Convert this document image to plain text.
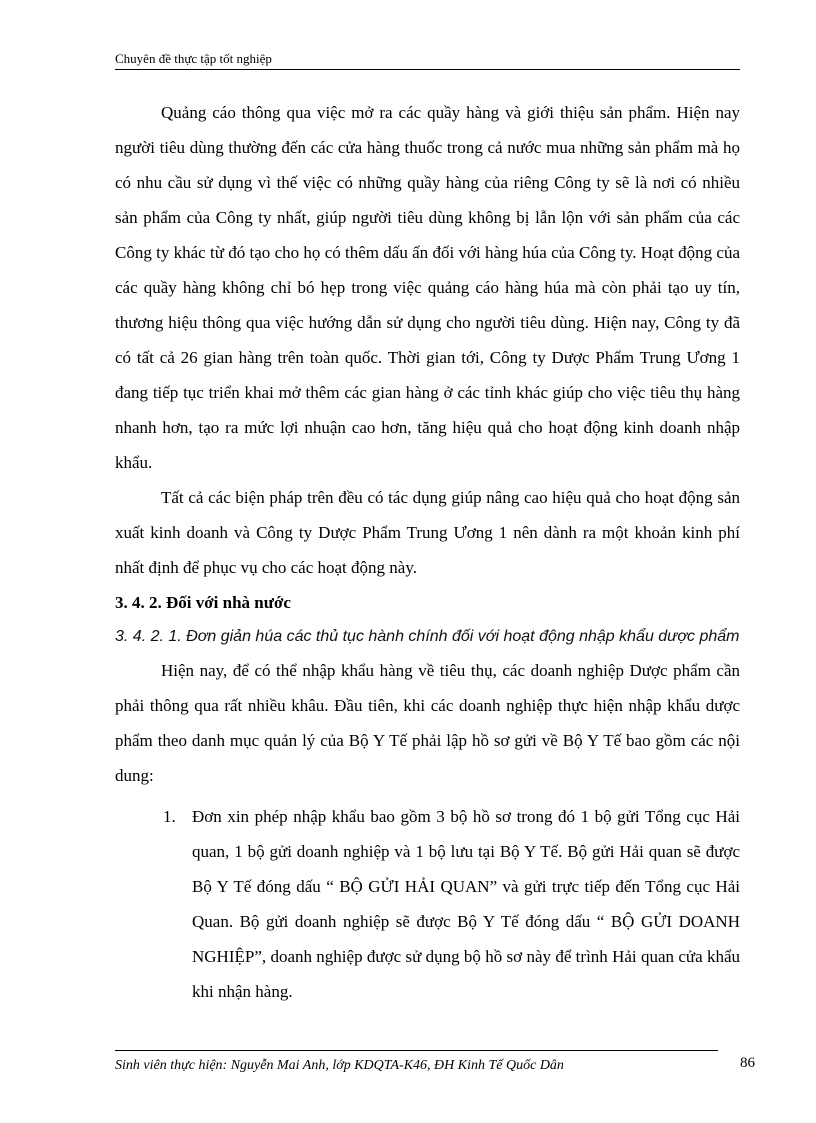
Chuyên đề thực tập tốt nghiệp

Quảng cáo thông qua việc mở ra các quầy hàng và giới thiệu sản phẩm. Hiện nay người tiêu dùng thường đến các cửa hàng thuốc trong cả nước mua những sản phẩm mà họ có nhu cầu sử dụng vì thế việc có những quầy hàng của riêng Công ty sẽ là nơi có nhiều sản phẩm của Công ty nhất, giúp người tiêu dùng không bị lẫn lộn với sản phẩm của các Công ty khác từ đó tạo cho họ có thêm dấu ấn đối với hàng húa của Công ty. Hoạt động của các quầy hàng không chỉ bó hẹp trong việc quảng cáo hàng húa mà còn phải tạo uy tín, thương hiệu thông qua việc hướng dẫn sử dụng cho người tiêu dùng. Hiện nay, Công ty đã có tất cả 26 gian hàng trên toàn quốc. Thời gian tới, Công ty Dược Phẩm Trung Ương 1 đang tiếp tục triển khai mở thêm các gian hàng ở các tỉnh khác giúp cho việc tiêu thụ hàng nhanh hơn, tạo ra mức lợi nhuận cao hơn, tăng hiệu quả cho hoạt động kinh doanh nhập khẩu.

Tất cả các biện pháp trên đều có tác dụng giúp nâng cao hiệu quả cho hoạt động sản xuất kinh doanh và Công ty Dược Phẩm Trung Ương 1 nên dành ra một khoản kinh phí nhất định để phục vụ cho các hoạt động này.

3. 4. 2. Đối với nhà nước

3. 4. 2. 1. Đơn giản húa các thủ tục hành chính đối với hoạt động nhập khẩu dược phẩm

Hiện nay, để có thể nhập khẩu hàng về tiêu thụ, các doanh nghiệp Dược phẩm cần phải thông qua rất nhiều khâu. Đầu tiên, khi các doanh nghiệp thực hiện nhập khẩu dược phẩm theo danh mục quản lý của Bộ Y Tế phải lập hồ sơ gửi về Bộ Y Tế bao gồm các nội dung:

1. Đơn xin phép nhập khẩu bao gồm 3 bộ hồ sơ trong đó 1 bộ gửi Tổng cục Hải quan, 1 bộ gửi doanh nghiệp và 1 bộ lưu tại Bộ Y Tế. Bộ gửi Hải quan sẽ được Bộ Y Tế đóng dấu “ BỘ GỬI HẢI QUAN” và gửi trực tiếp đến Tổng cục Hải Quan. Bộ gửi doanh nghiệp sẽ được Bộ Y Tế đóng dấu “ BỘ GỬI DOANH NGHIỆP”, doanh nghiệp được sử dụng bộ hồ sơ này để trình Hải quan cửa khẩu khi nhận hàng.
Sinh viên thực hiện: Nguyễn Mai Anh, lớp KDQTA-K46, ĐH Kinh Tế Quốc Dân	86
